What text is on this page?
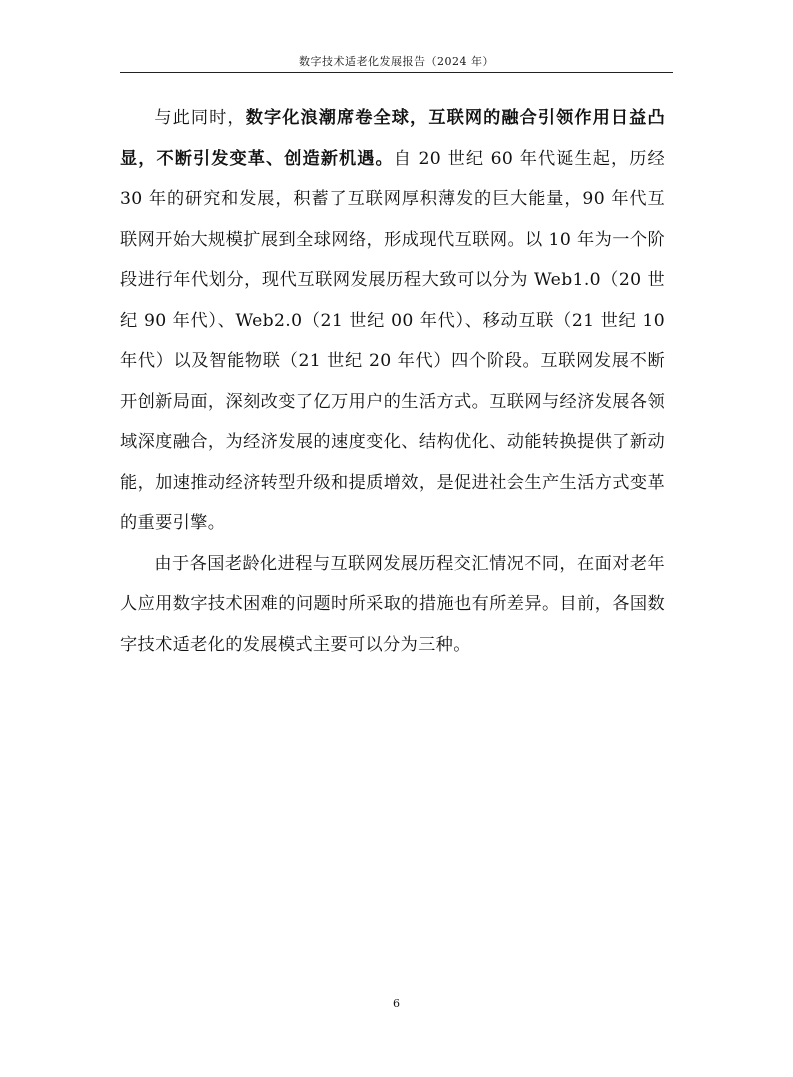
数字技术适老化发展报告（2024 年）

与此同时，数字化浪潮席卷全球，互联网的融合引领作用日益凸显，不断引发变革、创造新机遇。自 20 世纪 60 年代诞生起，历经 30 年的研究和发展，积蓄了互联网厚积薄发的巨大能量，90 年代互联网开始大规模扩展到全球网络，形成现代互联网。以 10 年为一个阶段进行年代划分，现代互联网发展历程大致可以分为 Web1.0（20 世纪 90 年代）、Web2.0（21 世纪 00 年代）、移动互联（21 世纪 10 年代）以及智能物联（21 世纪 20 年代）四个阶段。互联网发展不断开创新局面，深刻改变了亿万用户的生活方式。互联网与经济发展各领域深度融合，为经济发展的速度变化、结构优化、动能转换提供了新动能，加速推动经济转型升级和提质增效，是促进社会生产生活方式变革的重要引擎。

由于各国老龄化进程与互联网发展历程交汇情况不同，在面对老年人应用数字技术困难的问题时所采取的措施也有所差异。目前，各国数字技术适老化的发展模式主要可以分为三种。

6
